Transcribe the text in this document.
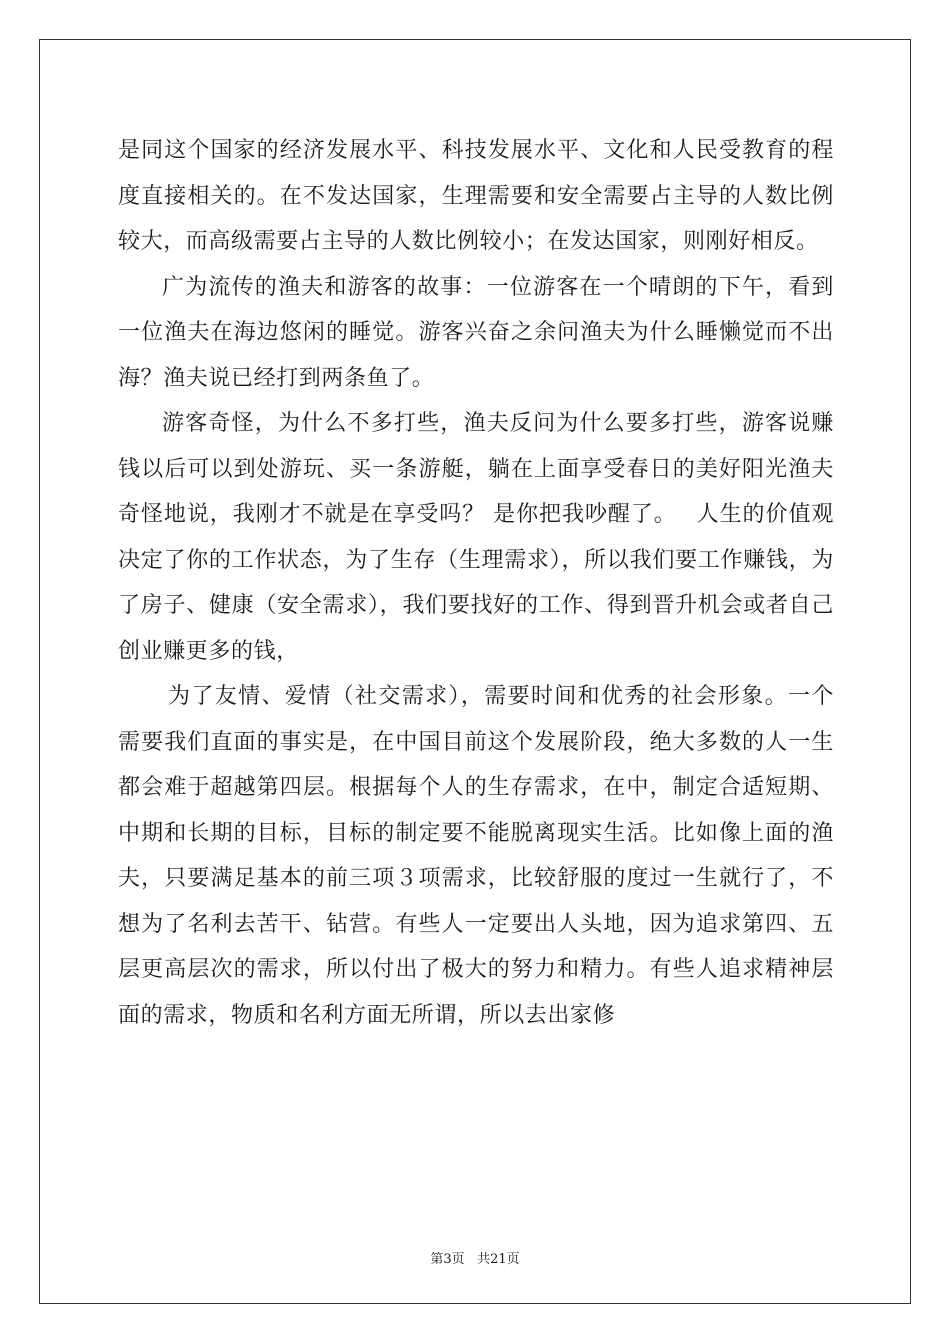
是同这个国家的经济发展水平、科技发展水平、文化和人民受教育的程度直接相关的。在不发达国家，生理需要和安全需要占主导的人数比例较大，而高级需要占主导的人数比例较小；在发达国家，则刚好相反。

广为流传的渔夫和游客的故事：一位游客在一个晴朗的下午，看到一位渔夫在海边悠闲的睡觉。游客兴奋之余问渔夫为什么睡懒觉而不出海？渔夫说已经打到两条鱼了。

游客奇怪，为什么不多打些，渔夫反问为什么要多打些，游客说赚钱以后可以到处游玩、买一条游艇，躺在上面享受春日的美好阳光渔夫奇怪地说，我刚才不就是在享受吗？ 是你把我吵醒了。　 人生的价值观决定了你的工作状态，为了生存（生理需求），所以我们要工作赚钱，为了房子、健康（安全需求），我们要找好的工作、得到晋升机会或者自己创业赚更多的钱，

为了友情、爱情（社交需求），需要时间和优秀的社会形象。一个需要我们直面的事实是，在中国目前这个发展阶段，绝大多数的人一生都会难于超越第四层。根据每个人的生存需求，在中，制定合适短期、中期和长期的目标，目标的制定要不能脱离现实生活。比如像上面的渔夫，只要满足基本的前三项３项需求，比较舒服的度过一生就行了，不想为了名利去苦干、钻营。有些人一定要出人头地，因为追求第四、五层更高层次的需求，所以付出了极大的努力和精力。有些人追求精神层面的需求，物质和名利方面无所谓，所以去出家修

第3页 共21页
